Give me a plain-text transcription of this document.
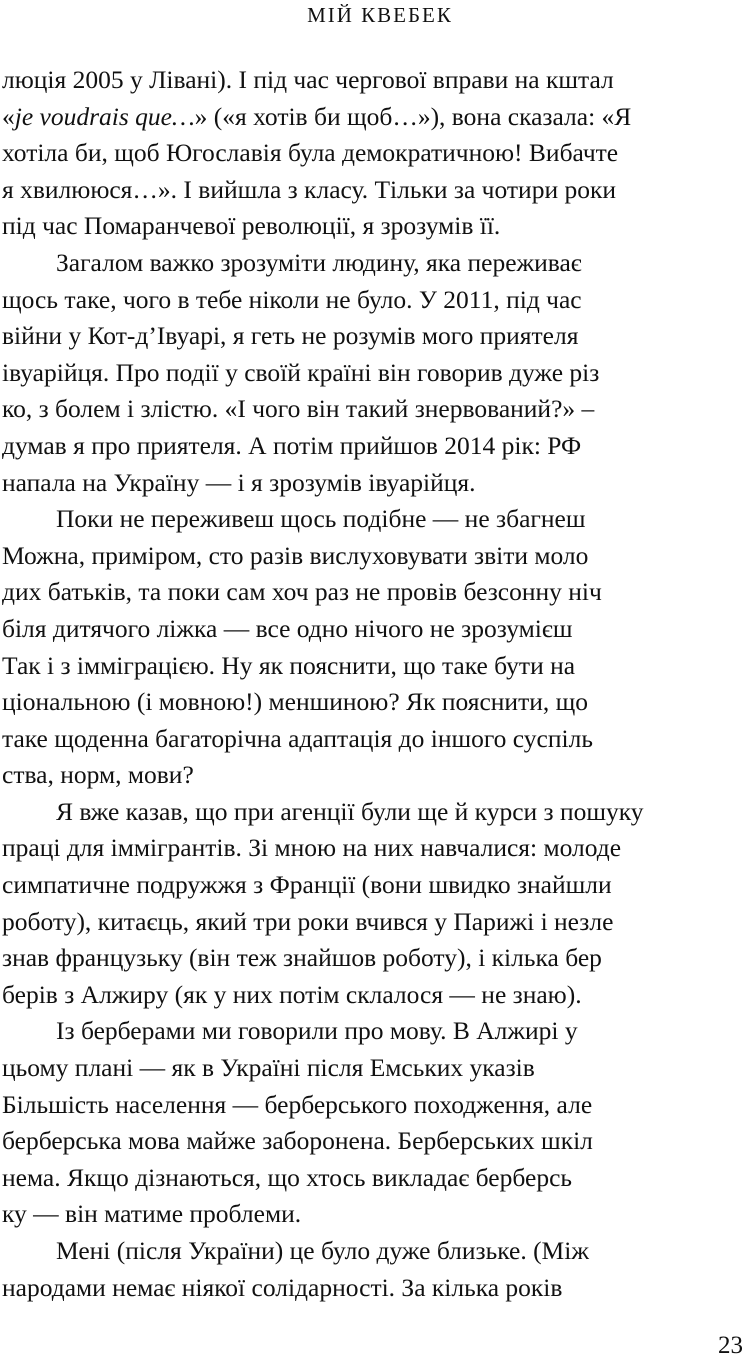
МІЙ КВЕБЕК
люція 2005 у Лівані). І під час чергової вправи на кштал
«je voudrais que…» («я хотів би щоб…»), вона сказала: «Я
хотіла би, щоб Югославія була демократичною! Вибачте
я хвилююся…». І вийшла з класу. Тільки за чотири роки
під час Помаранчевої революції, я зрозумів її.
Загалом важко зрозуміти людину, яка переживає
щось таке, чого в тебе ніколи не було. У 2011, під час
війни у Кот-д’Івуарі, я геть не розумів мого приятеля
івуарійця. Про події у своїй країні він говорив дуже різ
ко, з болем і злістю. «І чого він такий знервований?» –
думав я про приятеля. А потім прийшов 2014 рік: РФ
напала на Україну — і я зрозумів івуарійця.
Поки не переживеш щось подібне — не збагнеш
Можна, приміром, сто разів вислуховувати звіти моло
дих батьків, та поки сам хоч раз не провів безсонну ніч
біля дитячого ліжка — все одно нічого не зрозумієш
Так і з імміграцією. Ну як пояснити, що таке бути на
ціональною (і мовною!) меншиною? Як пояснити, що
таке щоденна багаторічна адаптація до іншого суспіль
ства, норм, мови?
Я вже казав, що при агенції були ще й курси з пошуку
праці для іммігрантів. Зі мною на них навчалися: молоде
симпатичне подружжя з Франції (вони швидко знайшли
роботу), китаєць, який три роки вчився у Парижі і незле
знав французьку (він теж знайшов роботу), і кілька бер
берів з Алжиру (як у них потім склалося — не знаю).
Із берберами ми говорили про мову. В Алжирі у
цьому плані — як в Україні після Емських указів
Більшість населення — берберського походження, але
берберська мова майже заборонена. Берберських шкіл
нема. Якщо дізнаються, що хтось викладає берберсь
ку — він матиме проблеми.
Мені (після України) це було дуже близьке. (Між
народами немає ніякої солідарності. За кілька років
23
